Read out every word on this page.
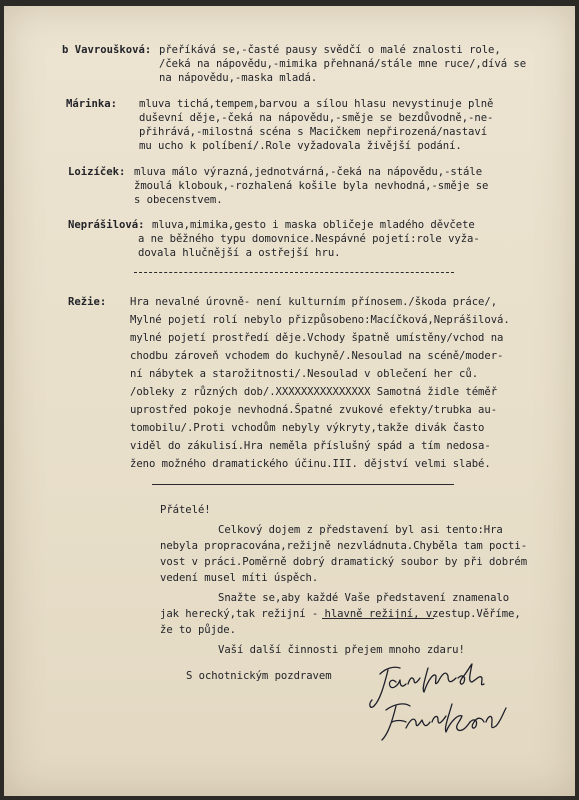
b Vavroušková: přeříkává se,-časté pausy svědčí o malé znalosti role,
/čeká na nápovědu,-mimika přehnaná/stále mne ruce/,dívá se
na nápovědu,-maska mladá.
Márinka: mluva tichá,tempem,barvou a sílou hlasu nevystinuje plně
duševní děje,-čeká na nápovědu,-směje se bezdůvodně,-ne-
přihrává,-milostná scéna s Macičkem nepřirozená/nastaví
mu ucho k políbení/.Role vyžadovala živější podání.
Loizíček: mluva málo výrazná,jednotvárná,-čeká na nápovědu,-stále
žmoulá klobouk,-rozhalená košile byla nevhodná,-směje se
s obecenstvem.
Neprášilová: mluva,mimika,gesto i maska obličeje mladého děvčete
a ne běžného typu domovnice.Nespávné pojetí:role vyža-
dovala hlučnější a ostřejší hru.
Režie: Hra nevalné úrovně- není kulturním přínosem./škoda práce/,
Mylné pojetí rolí nebylo přizpůsobeno:Macíčková,Neprášilová.
mylné pojetí prostředí děje.Vchody špatně umístěny/vchod na
chodbu zároveň vchodem do kuchyně/.Nesoulad na scéně/moder-
ní nábytek a starožitnosti/.Nesoulad v oblečení her ců.
/obleky z různých dob/.XXXXXXXXXXXXXXX Samotná židle téměř
uprostřed pokoje nevhodná.Špatné zvukové efekty/trubka au-
tomobilu/.Proti vchodům nebyly výkryty,takže divák často
viděl do zákulisí.Hra neměla příslušný spád a tím nedosa-
ženo možného dramatického účinu.III. dějství velmi slabé.
Přátelé!
Celkový dojem z představení byl asi tento:Hra
nebyla propracována,režijně nezvládnuta.Chyběla tam pocti-
vost v práci.Poměrně dobrý dramatický soubor by při dobrém
vedení musel míti úspěch.
Snažte se,aby každé Vaše představení znamenalo
jak herecký,tak režijní - hlavně režijní, vzestup.Věříme,
že to půjde.
Vaší další činnosti přejem mnoho zdaru!
S ochotnickým pozdravem
